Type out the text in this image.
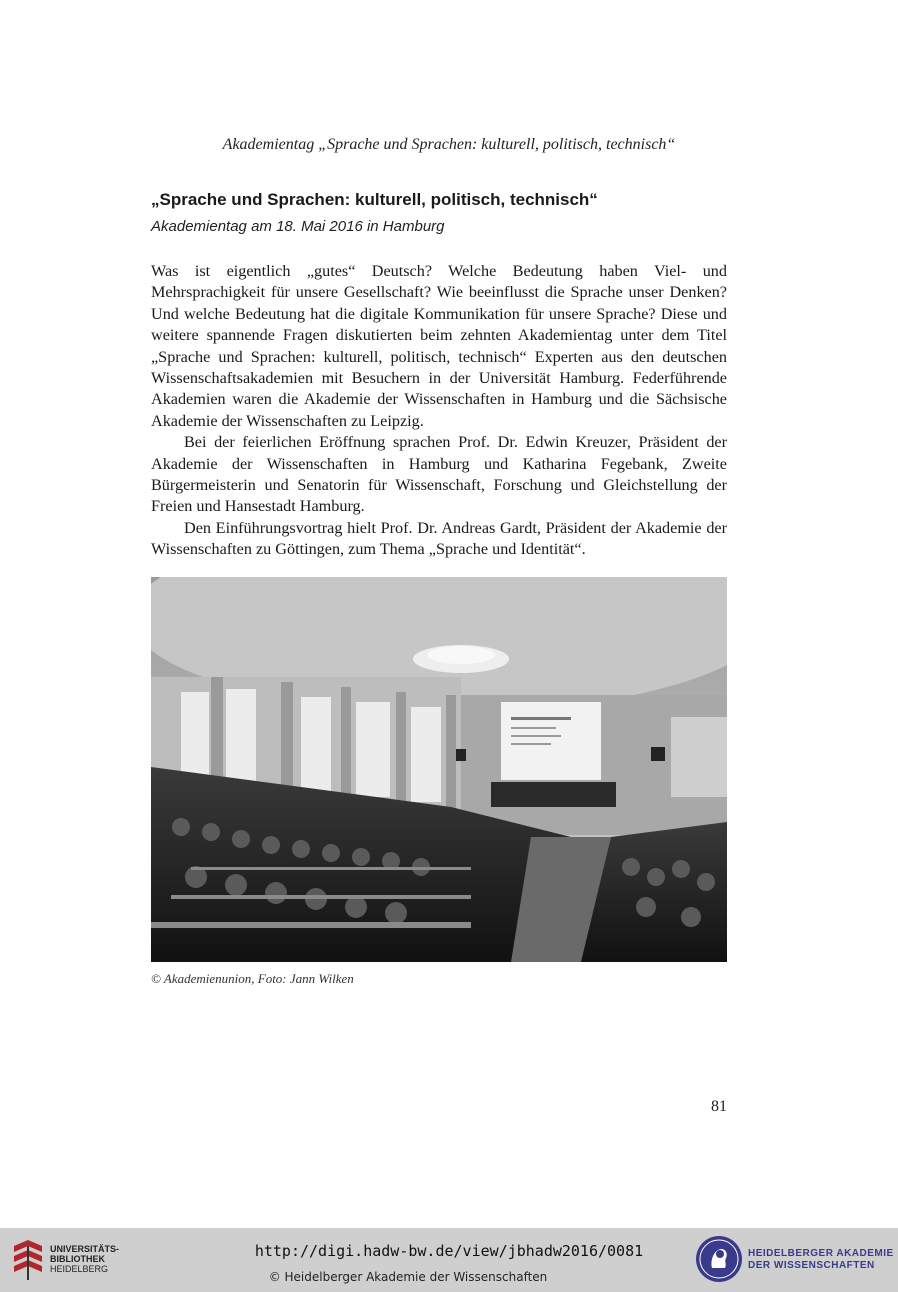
Akademientag „Sprache und Sprachen: kulturell, politisch, technisch“
„Sprache und Sprachen: kulturell, politisch, technisch“
Akademientag am 18. Mai 2016 in Hamburg

Was ist eigentlich „gutes“ Deutsch? Welche Bedeutung haben Viel- und Mehrsprachigkeit für unsere Gesellschaft? Wie beeinflusst die Sprache unser Denken? Und welche Bedeutung hat die digitale Kommunikation für unsere Sprache? Diese und weitere spannende Fragen diskutierten beim zehnten Akademientag unter dem Titel „Sprache und Sprachen: kulturell, politisch, technisch“ Experten aus den deutschen Wissenschaftsakademien mit Besuchern in der Universität Hamburg. Federführende Akademien waren die Akademie der Wissenschaften in Hamburg und die Sächsische Akademie der Wissenschaften zu Leipzig.

Bei der feierlichen Eröffnung sprachen Prof. Dr. Edwin Kreuzer, Präsident der Akademie der Wissenschaften in Hamburg und Katharina Fegebank, Zweite Bürgermeisterin und Senatorin für Wissenschaft, Forschung und Gleichstellung der Freien und Hansestadt Hamburg.

Den Einführungsvortrag hielt Prof. Dr. Andreas Gardt, Präsident der Akademie der Wissenschaften zu Göttingen, zum Thema „Sprache und Identität“.

© Akademienunion, Foto: Jann Wilken
81
UNIVERSITÄTS-
BIBLIOTHEK
HEIDELBERG
http://digi.hadw-bw.de/view/jbhadw2016/0081
© Heidelberger Akademie der Wissenschaften
HEIDELBERGER AKADEMIE
DER WISSENSCHAFTEN
